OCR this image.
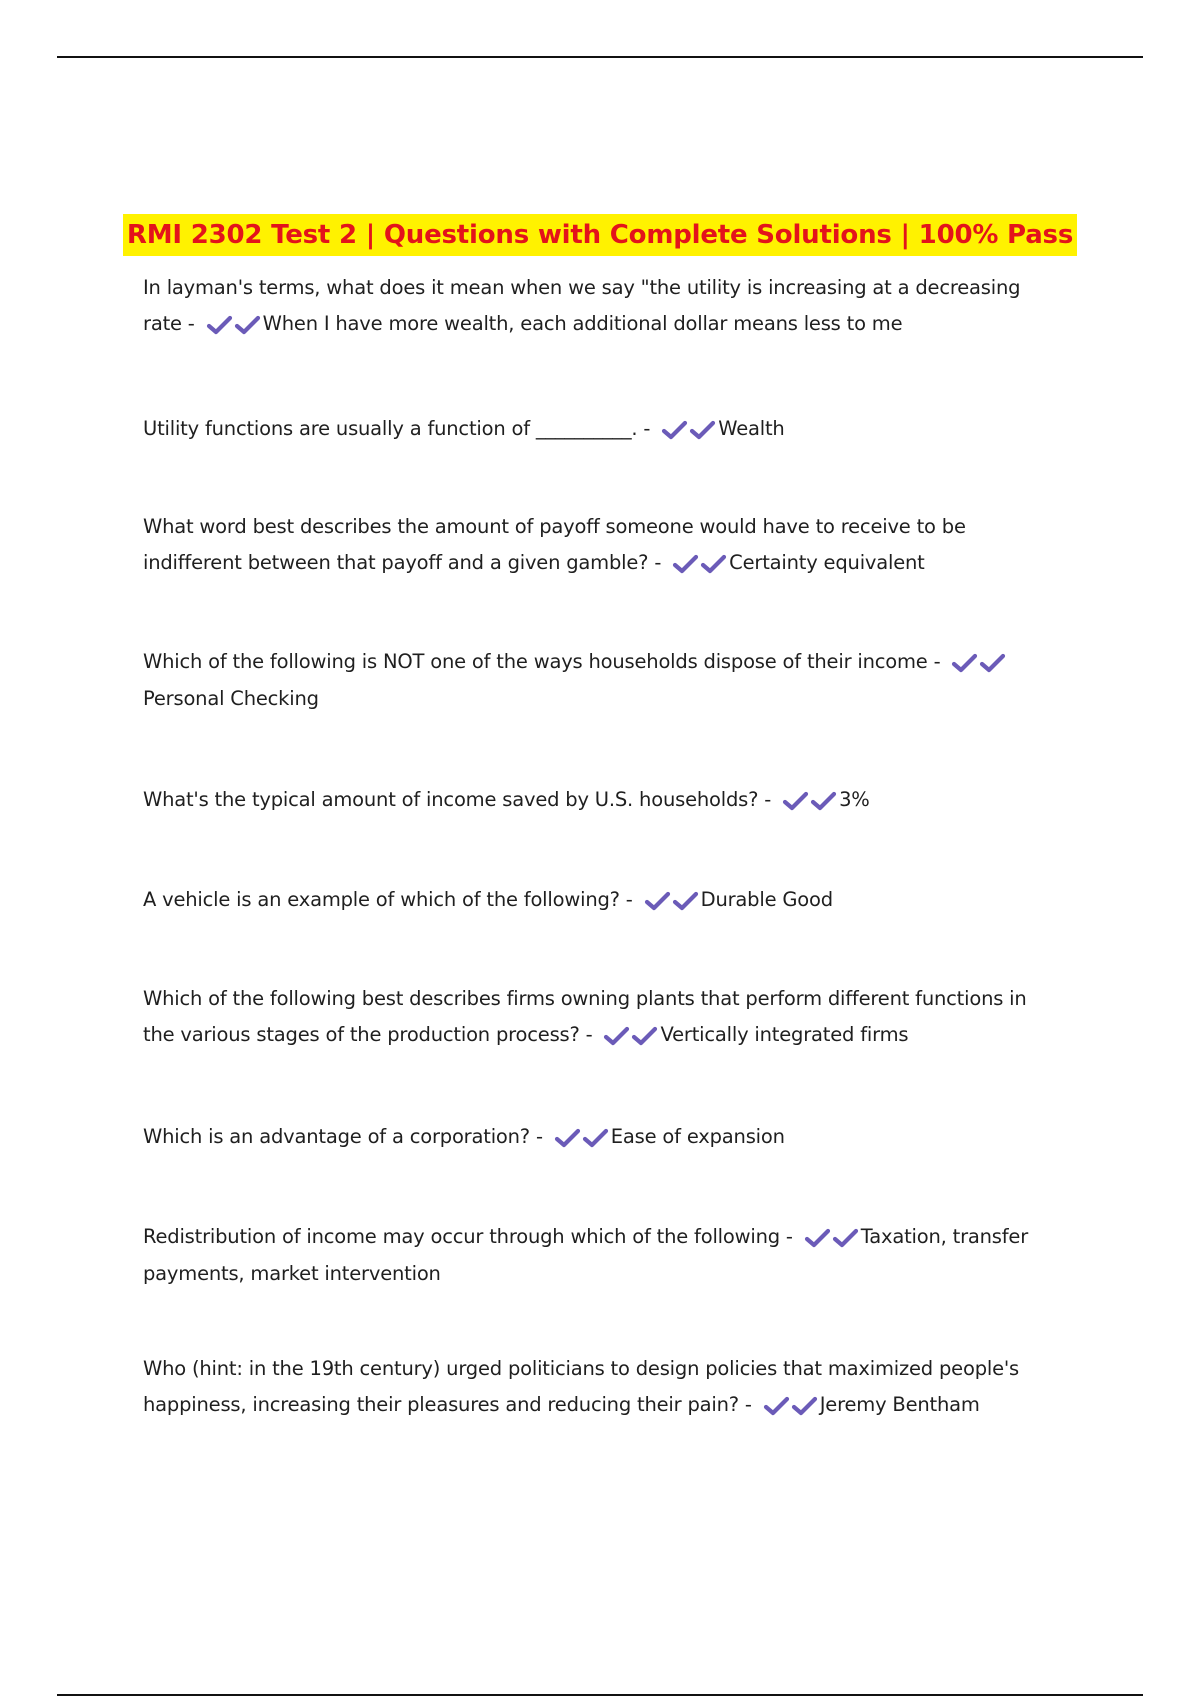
RMI 2302 Test 2 | Questions with Complete Solutions | 100% Pass
In layman's terms, what does it mean when we say "the utility is increasing at a decreasing rate -	When I have more wealth, each additional dollar means less to me
Utility functions are usually a function of __________. -	Wealth
What word best describes the amount of payoff someone would have to receive to be indifferent between that payoff and a given gamble? -	Certainty equivalent
Which of the following is NOT one of the ways households dispose of their income -
Personal Checking
What's the typical amount of income saved by U.S. households? -	3%
A vehicle is an example of which of the following? -	Durable Good
Which of the following best describes firms owning plants that perform different functions in the various stages of the production process? -	Vertically integrated firms
Which is an advantage of a corporation? -	Ease of expansion
Redistribution of income may occur through which of the following -	Taxation, transfer payments, market intervention
Who (hint: in the 19th century) urged politicians to design policies that maximized people's happiness, increasing their pleasures and reducing their pain? -	Jeremy Bentham
